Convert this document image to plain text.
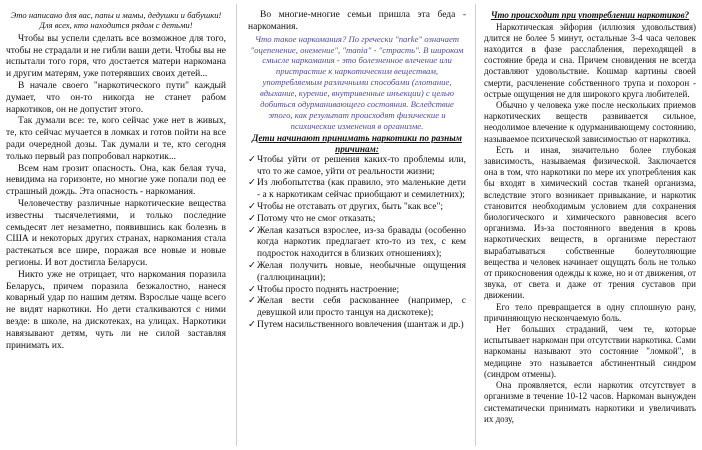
Это написано для вас, папы и мамы, дедушки и бабушки! Для всех, кто находится рядом с детьми!

Чтобы вы успели сделать все возможное для того, чтобы не страдали и не гибли ваши дети. Чтобы вы не испытали того горя, что достается матери наркомана и другим матерям, уже потерявших своих детей...

В начале своего "наркотического пути" каждый думает, что он-то никогда не станет рабом наркотиков, он не допустит этого.

Так думали все: те, кого сейчас уже нет в живых, те, кто сейчас мучается в ломках и готов пойти на все ради очередной дозы. Так думали и те, кто сегодня только первый раз попробовал наркотик...

Всем нам грозит опасность. Она, как белая туча, невидима на горизонте, но многие уже попали под ее страшный дождь. Эта опасность - наркомания.

Человечеству различные наркотические вещества известны тысячелетиями, и только последние семьдесят лет незаметно, появившись как болезнь в США и некоторых других странах, наркомания стала растекаться все шире, поражая все новые и новые регионы. И вот достигла Беларуси.

Никто уже не отрицает, что наркомания поразила Беларусь, причем поразила безжалостно, нанеся коварный удар по нашим детям. Взрослые чаще всего не видят наркотики. Но дети сталкиваются с ними везде: в школе, на дискотеках, на улицах. Наркотики навязывают детям, чуть ли не силой заставляя принимать их.

Во многие-многие семьи пришла эта беда - наркомания.

Что такое наркомания? По гречески "narke" означает "оцепенение, онемение", "mania" - "страсть". В широком смысле наркомания - это болезненное влечение или пристрастие к наркотическим веществам, употребляемым различными способами (глотание, вдыхание, курение, внутривенные инъекции) с целью добиться одурманивающего состояния. Вследствие этого, как результат происходят физические и психические изменения в организме.

Дети начинают принимать наркотики по разным причинам:

✓ Чтобы уйти от решения каких-то проблемы или, что то же самое, уйти от реальности жизни;

✓ Из любопытства (как правило, это маленькие дети - а к наркотикам сейчас приобщают и семилетних);

✓ Чтобы не отставать от других, быть "как все";

✓ Потому что не смог отказать;

✓ Желая казаться взрослее, из-за бравады (особенно когда наркотик предлагает кто-то из тех, с кем подросток находится в близких отношениях);

✓ Желая получить новые, необычные ощущения (галлюцинации);

✓ Чтобы просто поднять настроение;

✓ Желая вести себя раскованнее (например, с девушкой или просто танцуя на дискотеке);

✓ Путем насильственного вовлечения (шантаж и др.)

Что происходит при употреблении наркотиков?

Наркотическая эйфория (иллюзия удовольствия) длится не более 5 минут, остальные 3-4 часа человек находится в фазе расслабления, переходящей в состояние бреда и сна. Причем сновидения не всегда доставляют удовольствие. Кошмар картины своей смерти, расчленение собственного трупа и похорон - острые ощущения не для широкого круга любителей.

Обычно у человека уже после нескольких приемов наркотических веществ развивается сильное, неодолимое влечение к одурманивающему состоянию, называемое психической зависимостью от наркотика.

Есть и иная, значительно более глубокая зависимость, называемая физической. Заключается она в том, что наркотики по мере их употребления как бы входят в химический состав тканей организма, вследствие этого возникает привыкание, и наркотик становится необходимым условием для сохранения биологического и химического равновесия всего организма. Из-за постоянного введения в кровь наркотических веществ, в организме перестают вырабатываться собственные болеутоляющие вещества и человек начинает ощущать боль не только от прикосновения одежды к коже, но и от движения, от звука, от света и даже от трения суставов при движении.

Его тело превращается в одну сплошную рану, причиняющую нескончаемую боль.

Нет больших страданий, чем те, которые испытывает наркоман при отсутствии наркотика. Сами наркоманы называют это состояние "ломкой", в медицине это называется абстинентный синдром (синдром отмены).

Она проявляется, если наркотик отсутствует в организме в течение 10-12 часов. Наркоман вынужден систематически принимать наркотики и увеличивать их дозу,
